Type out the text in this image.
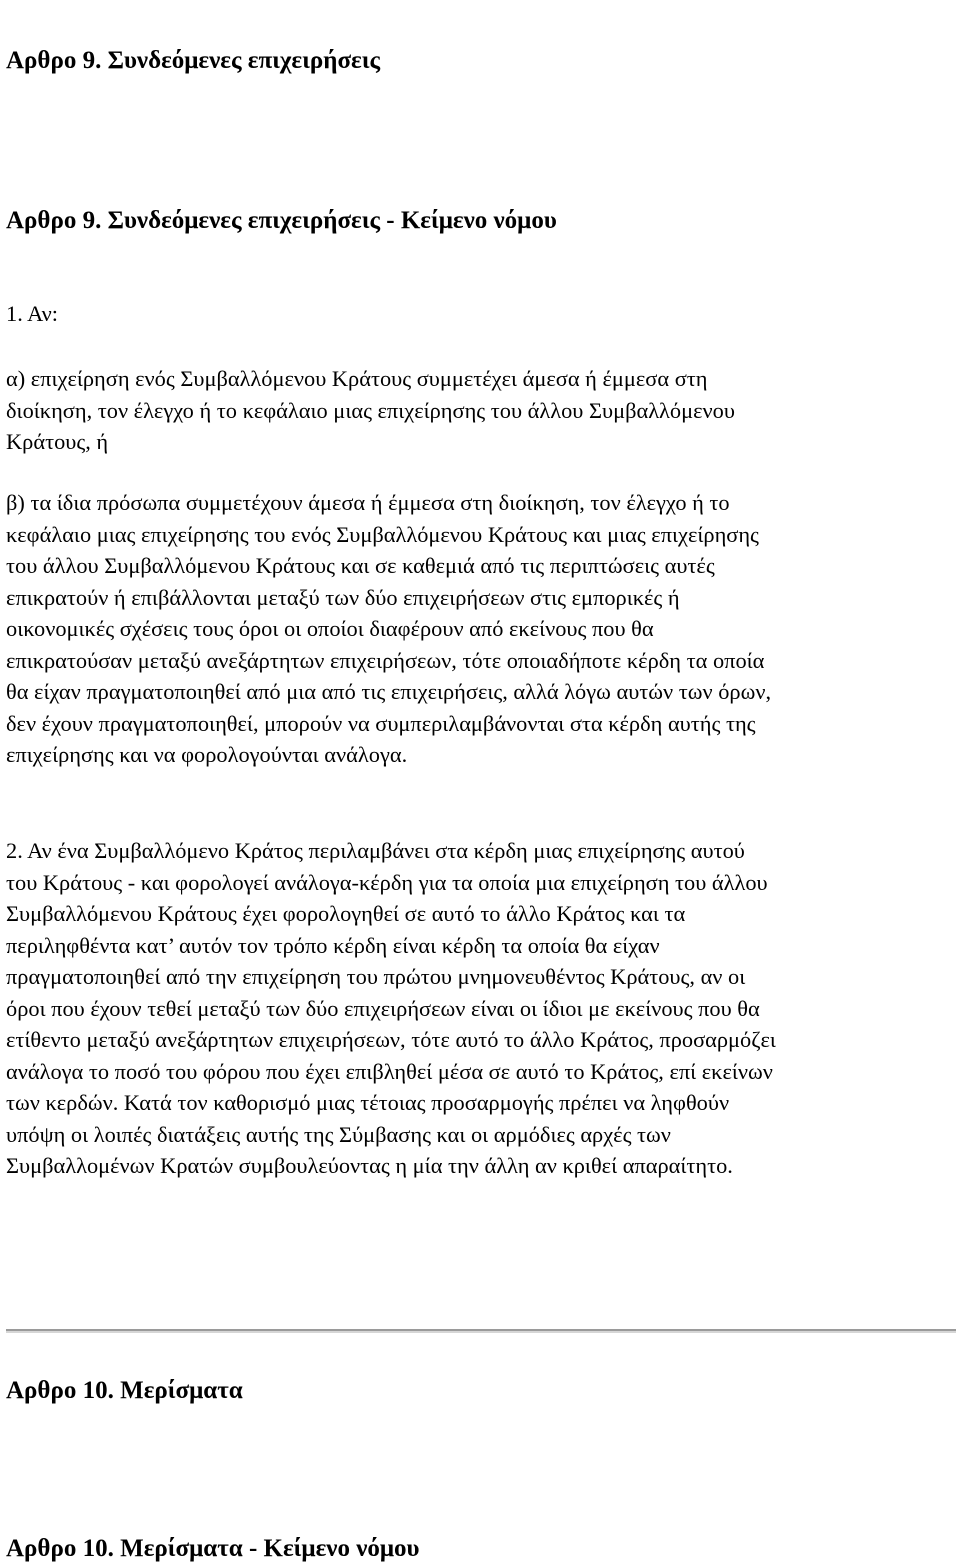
Αρθρο 9. Συνδεόμενες επιχειρήσεις
Αρθρο 9. Συνδεόμενες επιχειρήσεις - Κείμενο νόμου

1. Αν:

α) επιχείρηση ενός Συμβαλλόμενου Κράτους συμμετέχει άμεσα ή έμμεσα στη
διοίκηση, τον έλεγχο ή το κεφάλαιο μιας επιχείρησης του άλλου Συμβαλλόμενου
Κράτους, ή
β) τα ίδια πρόσωπα συμμετέχουν άμεσα ή έμμεσα στη διοίκηση, τον έλεγχο ή το
κεφάλαιο μιας επιχείρησης του ενός Συμβαλλόμενου Κράτους και μιας επιχείρησης
του άλλου Συμβαλλόμενου Κράτους και σε καθεμιά από τις περιπτώσεις αυτές
επικρατούν ή επιβάλλονται μεταξύ των δύο επιχειρήσεων στις εμπορικές ή
οικονομικές σχέσεις τους όροι οι οποίοι διαφέρουν από εκείνους που θα
επικρατούσαν μεταξύ ανεξάρτητων επιχειρήσεων, τότε οποιαδήποτε κέρδη τα οποία
θα είχαν πραγματοποιηθεί από μια από τις επιχειρήσεις, αλλά λόγω αυτών των όρων,
δεν έχουν πραγματοποιηθεί, μπορούν να συμπεριλαμβάνονται στα κέρδη αυτής της
επιχείρησης και να φορολογούνται ανάλογα.
2. Αν ένα Συμβαλλόμενο Κράτος περιλαμβάνει στα κέρδη μιας επιχείρησης αυτού
του Κράτους - και φορολογεί ανάλογα-κέρδη για τα οποία μια επιχείρηση του άλλου
Συμβαλλόμενου Κράτους έχει φορολογηθεί σε αυτό το άλλο Κράτος και τα
περιληφθέντα κατ’ αυτόν τον τρόπο κέρδη είναι κέρδη τα οποία θα είχαν
πραγματοποιηθεί από την επιχείρηση του πρώτου μνημονευθέντος Κράτους, αν οι
όροι που έχουν τεθεί μεταξύ των δύο επιχειρήσεων είναι οι ίδιοι με εκείνους που θα
ετίθεντο μεταξύ ανεξάρτητων επιχειρήσεων, τότε αυτό το άλλο Κράτος, προσαρμόζει
ανάλογα το ποσό του φόρου που έχει επιβληθεί μέσα σε αυτό το Κράτος, επί εκείνων
των κερδών. Κατά τον καθορισμό μιας τέτοιας προσαρμογής πρέπει να ληφθούν
υπόψη οι λοιπές διατάξεις αυτής της Σύμβασης και οι αρμόδιες αρχές των
Συμβαλλομένων Κρατών συμβουλεύοντας η μία την άλλη αν κριθεί απαραίτητο.
Αρθρο 10. Μερίσματα
Αρθρο 10. Μερίσματα - Κείμενο νόμου
